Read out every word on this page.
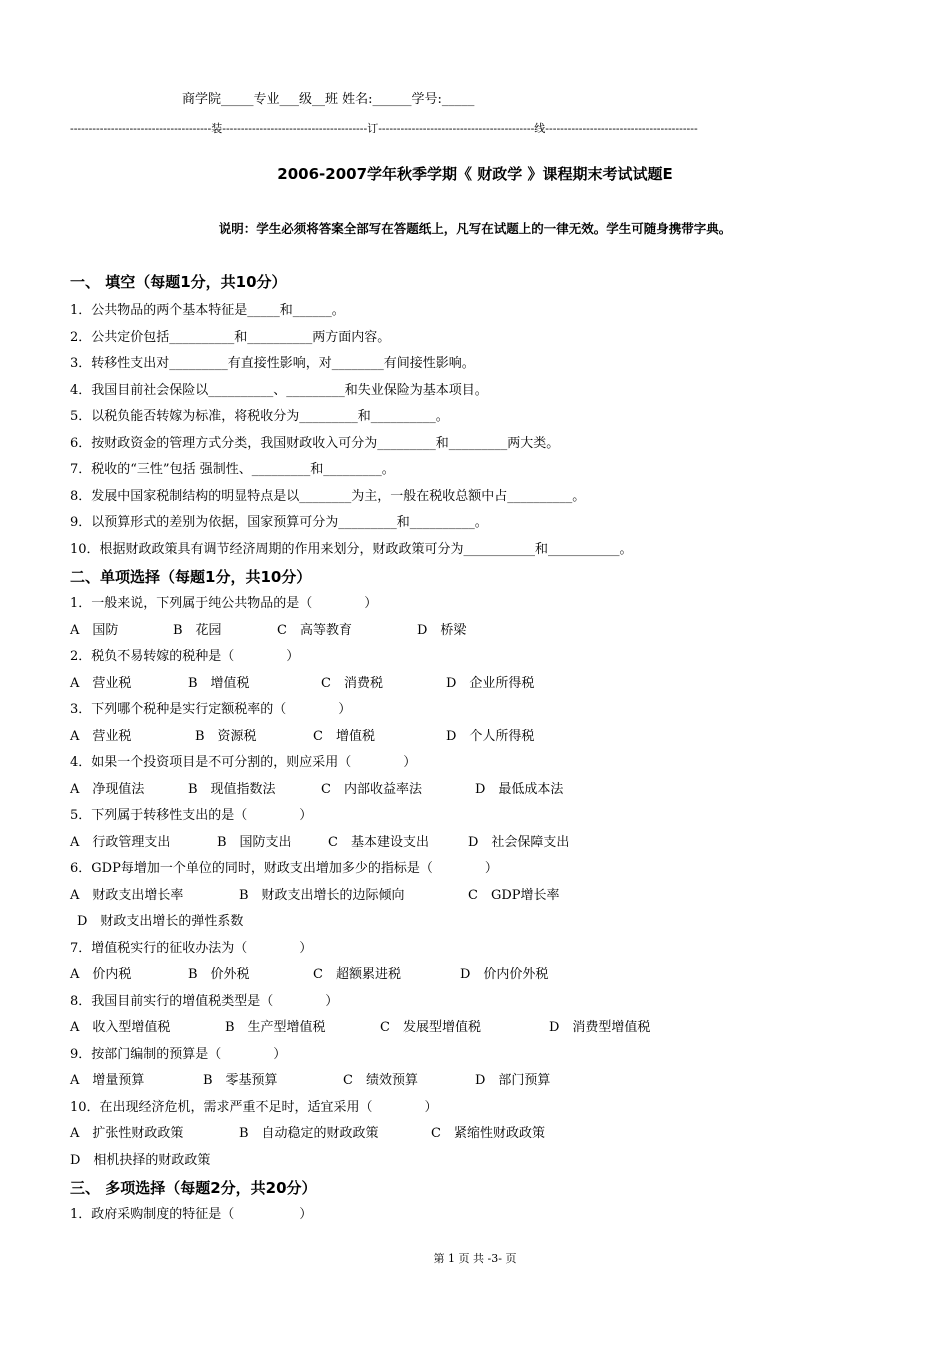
商学院_____专业___级__班 姓名:______学号:_____
--------------------------------------装---------------------------------------订------------------------------------------线-----------------------------------------
2006-2007学年秋季学期《 财政学 》课程期末考试试题E
说明：学生必须将答案全部写在答题纸上，凡写在试题上的一律无效。学生可随身携带字典。
一、 填空（每题1分，共10分）
1．公共物品的两个基本特征是_____和______。
2．公共定价包括__________和__________两方面内容。
3．转移性支出对_________有直接性影响，对________有间接性影响。
4．我国目前社会保险以__________、_________和失业保险为基本项目。
5．以税负能否转嫁为标准，将税收分为_________和__________。
6．按财政资金的管理方式分类，我国财政收入可分为_________和_________两大类。
7．税收的“三性”包括 强制性、_________和_________。
8．发展中国家税制结构的明显特点是以________为主，一般在税收总额中占__________。
9．以预算形式的差别为依据，国家预算可分为_________和__________。
10．根据财政政策具有调节经济周期的作用来划分，财政政策可分为___________和___________。
二、单项选择（每题1分，共10分）
1．一般来说，下列属于纯公共物品的是（　　　　）
A　国防	B　花园	C　高等教育	D　桥梁
2．税负不易转嫁的税种是（　　　　）
A　营业税	B　增值税	C　消费税	D　企业所得税
3．下列哪个税种是实行定额税率的（　　　　）
A　营业税	B　资源税	C　增值税	D　个人所得税
4．如果一个投资项目是不可分割的，则应采用（　　　　）
A　净现值法	B　现值指数法	C　内部收益率法	D　最低成本法
5．下列属于转移性支出的是（　　　　）
A　行政管理支出	B　国防支出	C　基本建设支出	D　社会保障支出
6．GDP每增加一个单位的同时，财政支出增加多少的指标是（　　　　）
A　财政支出增长率	B　财政支出增长的边际倾向	C　GDP增长率
D　财政支出增长的弹性系数
7．增值税实行的征收办法为（　　　　）
A　价内税	B　价外税	C　超额累进税	D　价内价外税
8．我国目前实行的增值税类型是（　　　　）
A　收入型增值税	B　生产型增值税	C　发展型增值税	D　消费型增值税
9．按部门编制的预算是（　　　　）
A　增量预算	B　零基预算	C　绩效预算	D　部门预算
10．在出现经济危机，需求严重不足时，适宜采用（　　　　）
A　扩张性财政政策	B　自动稳定的财政政策	C　紧缩性财政政策
D　相机抉择的财政政策
三、 多项选择（每题2分，共20分）
1．政府采购制度的特征是（　　　　　）
第 1 页 共 -3- 页
